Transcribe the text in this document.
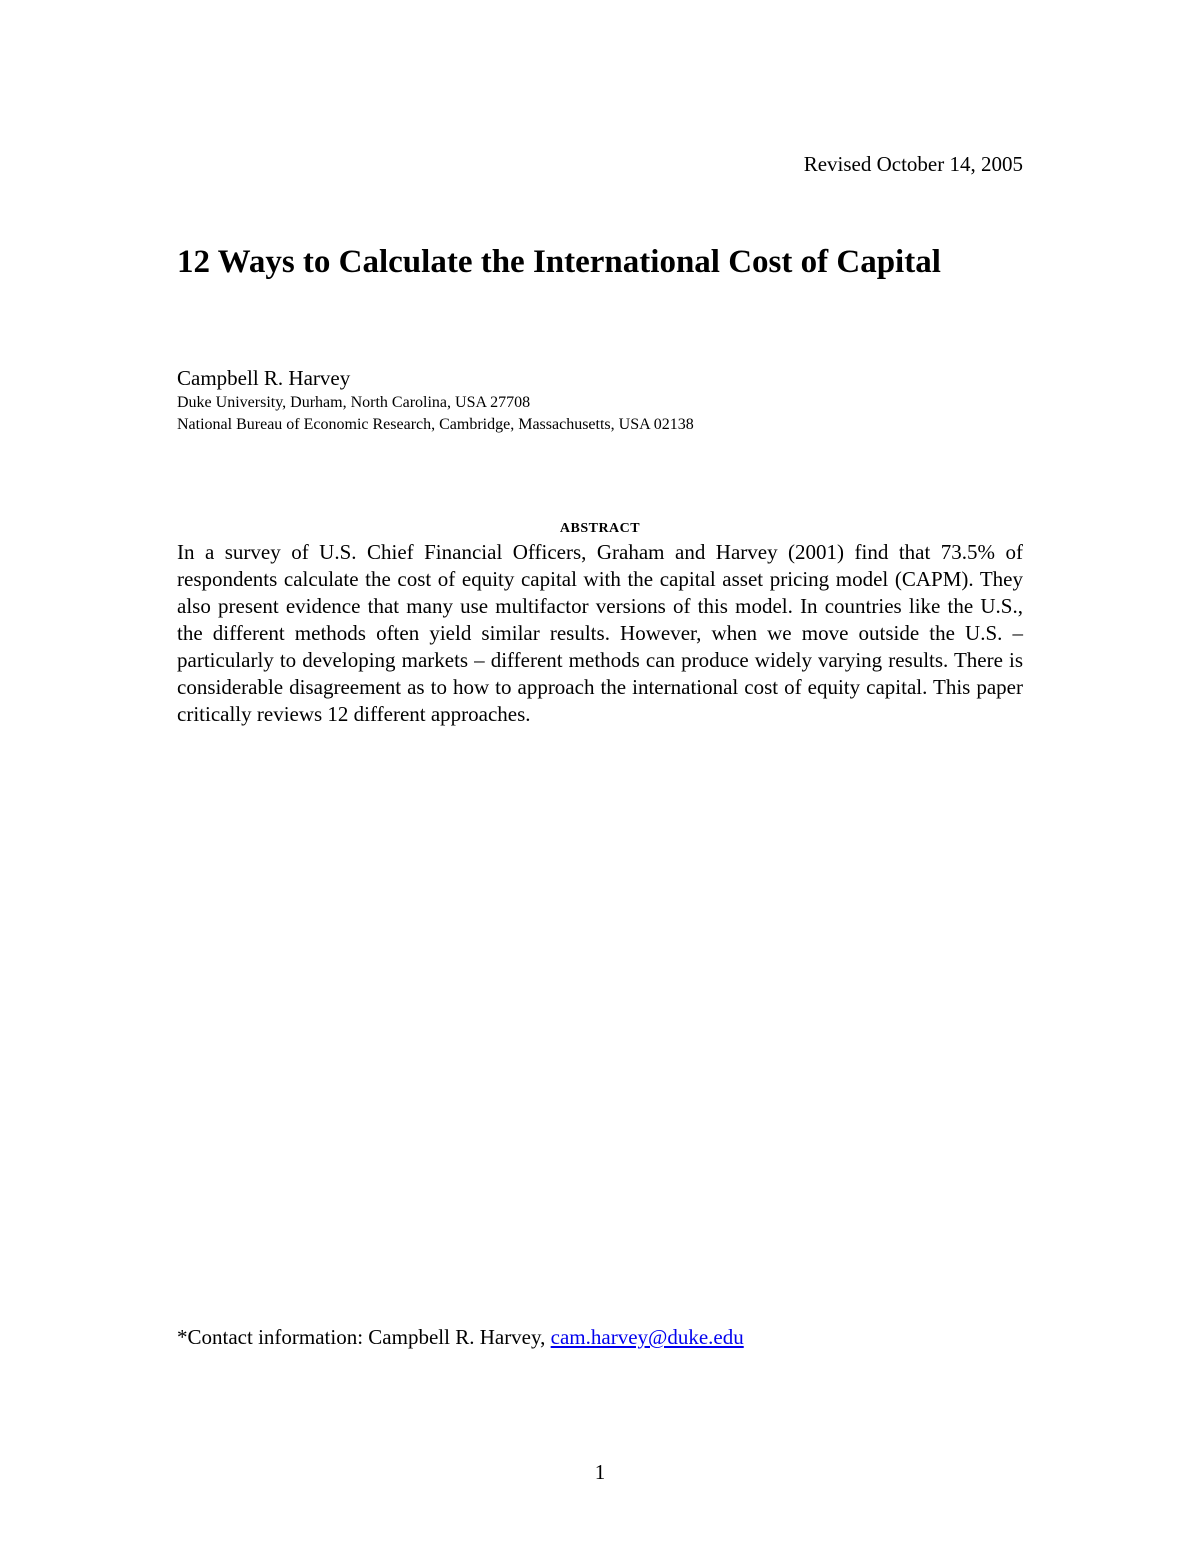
Revised October 14, 2005
12 Ways to Calculate the International Cost of Capital
Campbell R. Harvey
Duke University, Durham, North Carolina, USA 27708
National Bureau of Economic Research, Cambridge, Massachusetts, USA 02138
ABSTRACT

In a survey of U.S. Chief Financial Officers, Graham and Harvey (2001) find that 73.5% of respondents calculate the cost of equity capital with the capital asset pricing model (CAPM). They also present evidence that many use multifactor versions of this model. In countries like the U.S., the different methods often yield similar results. However, when we move outside the U.S. – particularly to developing markets – different methods can produce widely varying results. There is considerable disagreement as to how to approach the international cost of equity capital. This paper critically reviews 12 different approaches.

*Contact information: Campbell R. Harvey, cam.harvey@duke.edu
1
